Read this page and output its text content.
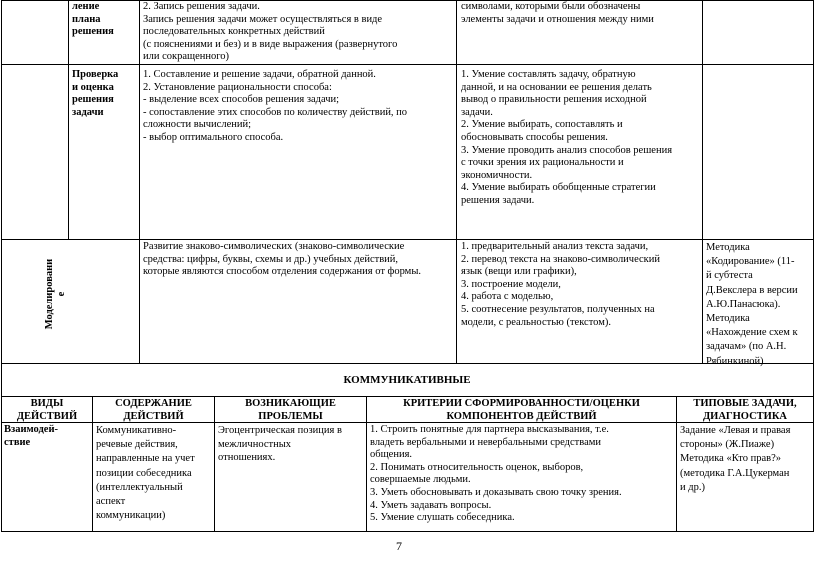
ление
плана
решения
2. Запись решения задачи.
Запись решения задачи может осуществляться в виде
последовательных конкретных действий
(с пояснениями и без) и в виде выражения (развернутого
или сокращенного)
символами, которыми были обозначены
элементы задачи и отношения между ними
Проверка
и оценка
решения
задачи
1. Составление и решение задачи, обратной данной.
2. Установление рациональности способа:
- выделение всех способов решения задачи;
- сопоставление этих способов по количеству действий, по
сложности вычислений;
- выбор оптимального способа.
1. Умение составлять задачу, обратную
данной, и на основании ее решения делать
вывод о правильности решения исходной
задачи.
2. Умение выбирать, сопоставлять и
обосновывать способы решения.
3. Умение проводить анализ способов решения
с точки зрения их рациональности и
экономичности.
4. Умение выбирать обобщенные стратегии
решения задачи.
Моделировани е
Развитие знаково-символических (знаково-символические
средства: цифры, буквы, схемы и др.) учебных действий,
которые являются способом отделения содержания от формы.
1. предварительный анализ текста задачи,
2. перевод текста на знаково-символический
язык (вещи или графики),
3. построение модели,
4. работа с моделью,
5. соотнесение результатов, полученных на
модели, с реальностью (текстом).
Методика
«Кодирование» (11-
й субтеста
Д.Векслера в версии
А.Ю.Панасюка).
Методика
«Нахождение схем к
задачам» (по А.Н.
Рябинкиной)
КОММУНИКАТИВНЫЕ
ВИДЫ
ДЕЙСТВИЙ
СОДЕРЖАНИЕ
ДЕЙСТВИЙ
ВОЗНИКАЮЩИЕ
ПРОБЛЕМЫ
КРИТЕРИИ СФОРМИРОВАННОСТИ/ОЦЕНКИ
КОМПОНЕНТОВ ДЕЙСТВИЙ
ТИПОВЫЕ ЗАДАЧИ,
ДИАГНОСТИКА
Взаимодей-
ствие
Коммуникативно-
речевые действия,
направленные на учет
позиции собеседника
(интеллектуальный
аспект
коммуникации)
Эгоцентрическая позиция в
межличностных
отношениях.
1. Строить понятные для партнера высказывания, т.е.
владеть вербальными и невербальными средствами
общения.
2. Понимать относительность оценок, выборов,
совершаемые людьми.
3. Уметь обосновывать и доказывать свою точку зрения.
4. Уметь задавать вопросы.
5. Умение слушать собеседника.
Задание «Левая и правая
стороны» (Ж.Пиаже)
Методика «Кто прав?»
(методика Г.А.Цукерман
и др.)
7
